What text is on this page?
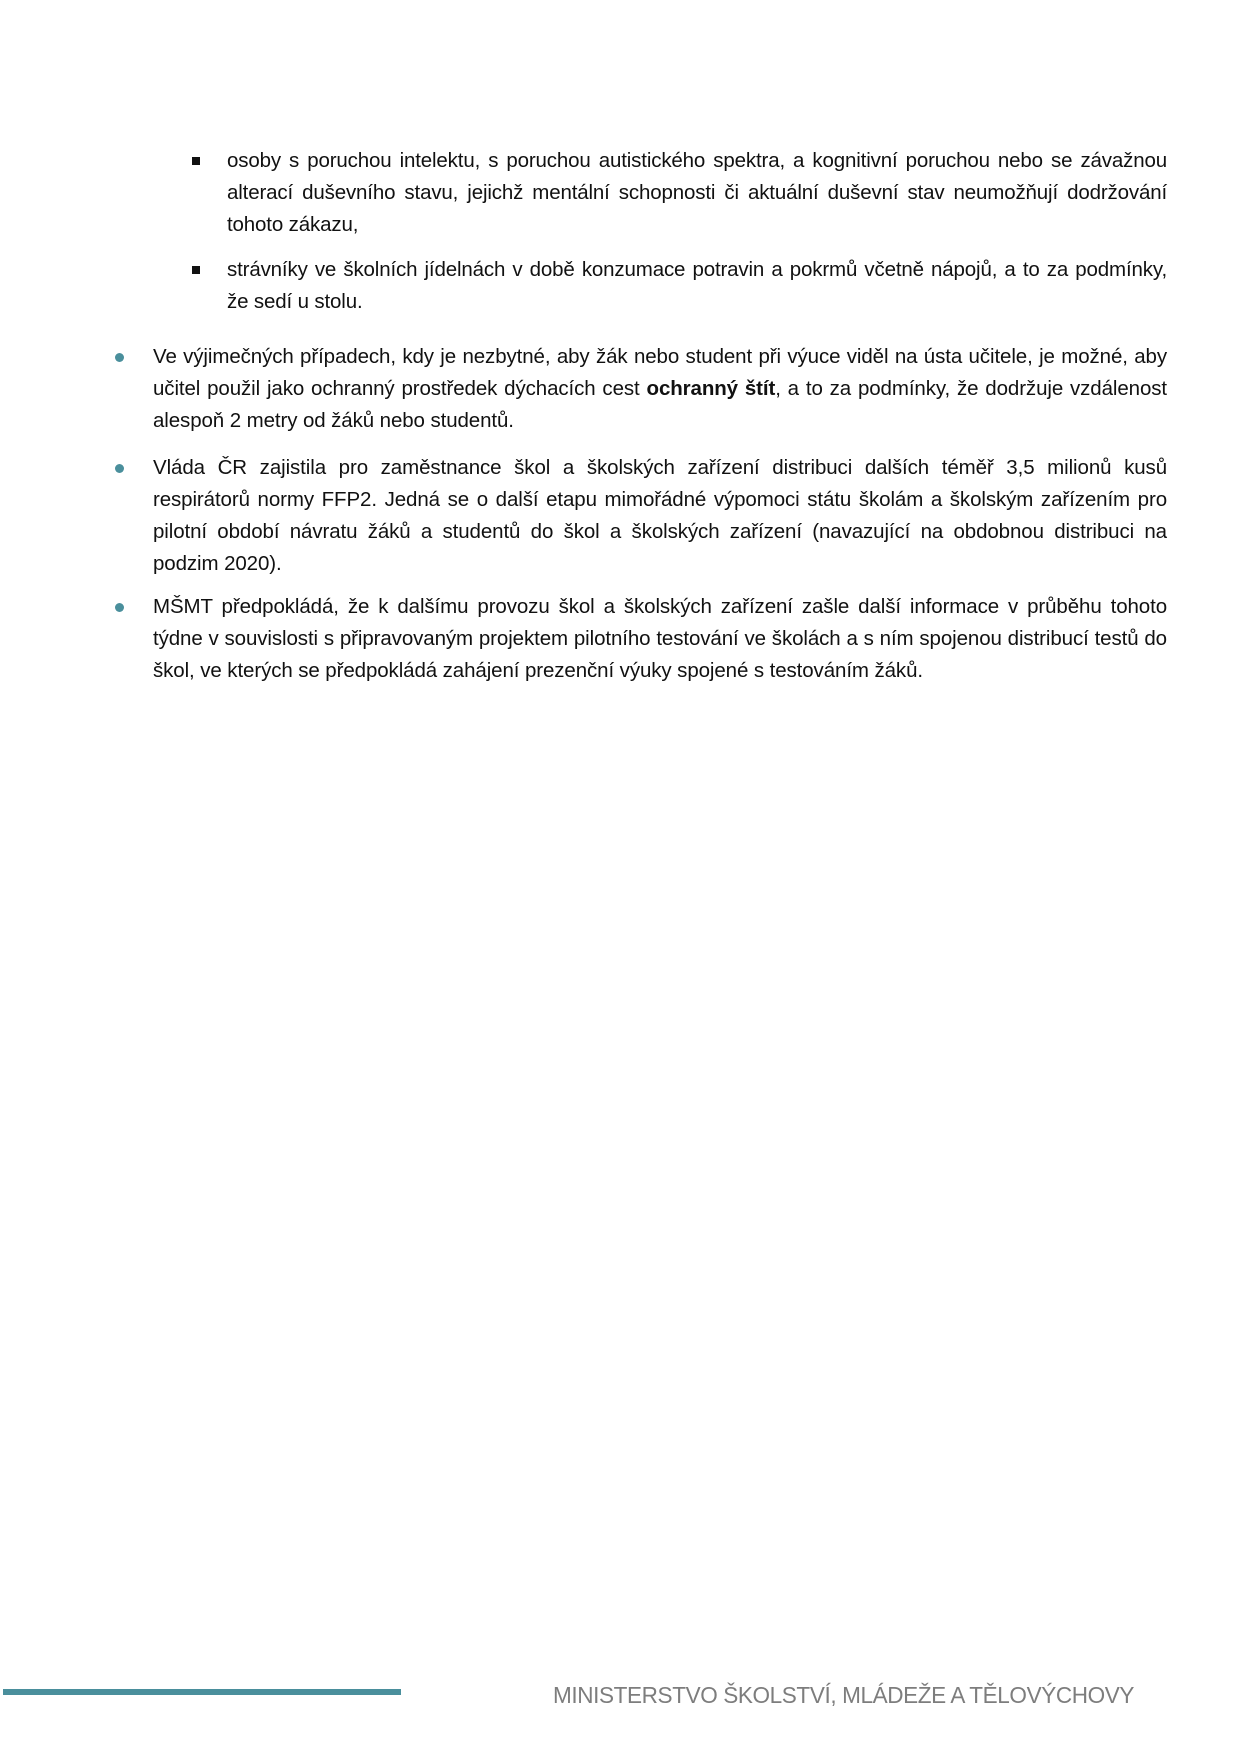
osoby s poruchou intelektu, s poruchou autistického spektra, a kognitivní poruchou nebo se závažnou alterací duševního stavu, jejichž mentální schopnosti či aktuální duševní stav neumožňují dodržování tohoto zákazu,
strávníky ve školních jídelnách v době konzumace potravin a pokrmů včetně nápojů, a to za podmínky, že sedí u stolu.
Ve výjimečných případech, kdy je nezbytné, aby žák nebo student při výuce viděl na ústa učitele, je možné, aby učitel použil jako ochranný prostředek dýchacích cest ochranný štít, a to za podmínky, že dodržuje vzdálenost alespoň 2 metry od žáků nebo studentů.
Vláda ČR zajistila pro zaměstnance škol a školských zařízení distribuci dalších téměř 3,5 milionů kusů respirátorů normy FFP2. Jedná se o další etapu mimořádné výpomoci státu školám a školským zařízením pro pilotní období návratu žáků a studentů do škol a školských zařízení (navazující na obdobnou distribuci na podzim 2020).
MŠMT předpokládá, že k dalšímu provozu škol a školských zařízení zašle další informace v průběhu tohoto týdne v souvislosti s připravovaným projektem pilotního testování ve školách a s ním spojenou distribucí testů do škol, ve kterých se předpokládá zahájení prezenční výuky spojené s testováním žáků.
MINISTERSTVO ŠKOLSTVÍ, MLÁDEŽE A TĚLOVÝCHOVY
